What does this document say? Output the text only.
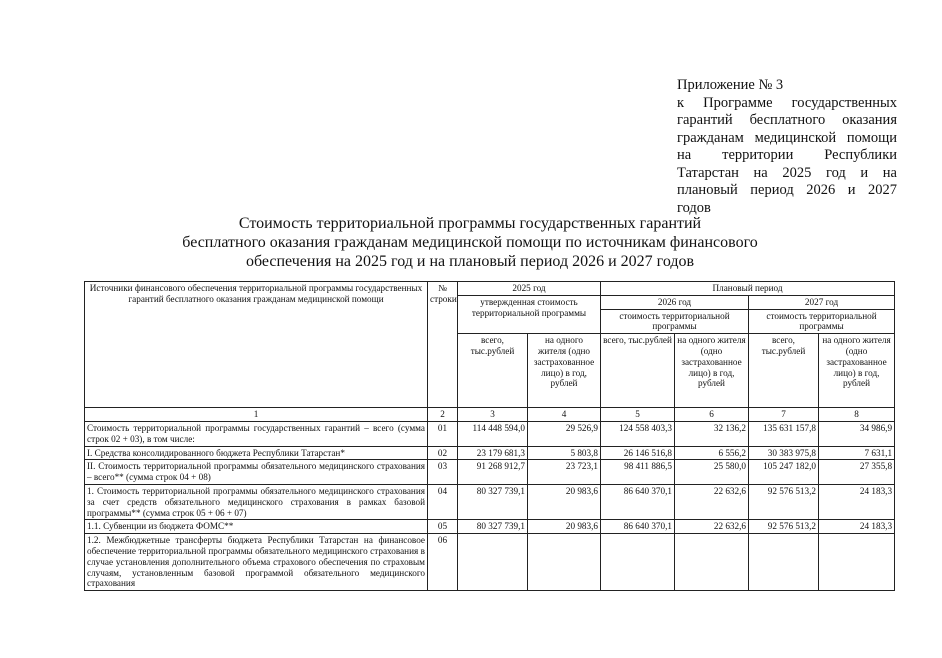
Приложение № 3
к Программе государственных гарантий бесплатного оказания гражданам медицинской помощи на территории Республики Татарстан на 2025 год и на плановый период 2026 и 2027 годов
Стоимость территориальной программы государственных гарантий
бесплатного оказания гражданам медицинской помощи по источникам финансового
обеспечения на 2025 год и на плановый период 2026 и 2027 годов
Источники финансового обеспечения территориальной программы государственных гарантий бесплатного оказания гражданам медицинской помощи	№ строки	2025 год		Плановый период			
		утвержденная стоимость территориальной программы		2026 год		2027 год	
				стоимость территориальной программы		стоимость территориальной программы	
		всего, тыс.рублей	на одного жителя (одно застрахованное лицо) в год, рублей	всего, тыс.рублей	на одного жителя (одно застрахованное лицо) в год, рублей	всего, тыс.рублей	на одного жителя (одно застрахованное лицо) в год, рублей
1	2	3	4	5	6	7	8
Стоимость территориальной программы государственных гарантий – всего (сумма строк 02 + 03), в том числе:	01	114 448 594,0	29 526,9	124 558 403,3	32 136,2	135 631 157,8	34 986,9
I. Средства консолидированного бюджета Республики Татарстан*	02	23 179 681,3	5 803,8	26 146 516,8	6 556,2	30 383 975,8	7 631,1
II. Стоимость территориальной программы обязательного медицинского страхования – всего** (сумма строк 04 + 08)	03	91 268 912,7	23 723,1	98 411 886,5	25 580,0	105 247 182,0	27 355,8
1. Стоимость территориальной программы обязательного медицинского страхования за счет средств обязательного медицинского страхования в рамках базовой программы** (сумма строк 05 + 06 + 07)	04	80 327 739,1	20 983,6	86 640 370,1	22 632,6	92 576 513,2	24 183,3
1.1. Субвенции из бюджета ФОМС**	05	80 327 739,1	20 983,6	86 640 370,1	22 632,6	92 576 513,2	24 183,3
1.2. Межбюджетные трансферты бюджета Республики Татарстан на финансовое обеспечение территориальной программы обязательного медицинского страхования в случае установления дополнительного объема страхового обеспечения по страховым случаям, установленным базовой программой обязательного медицинского страхования	06						
